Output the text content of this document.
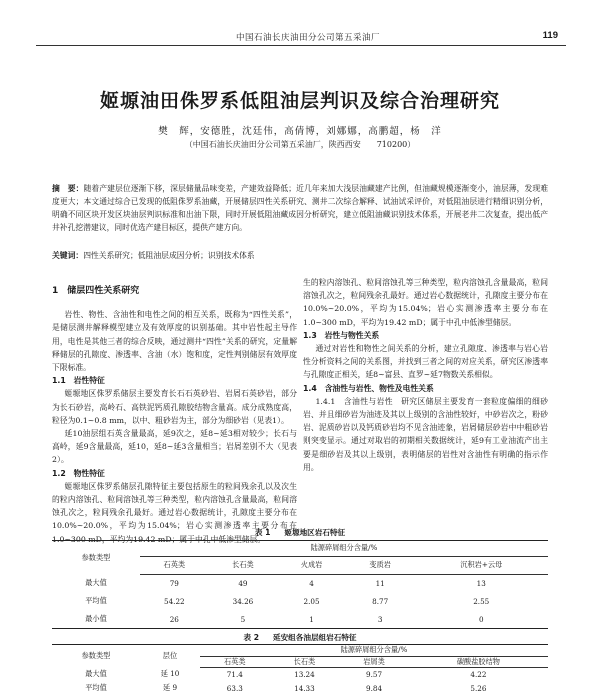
中国石油长庆油田分公司第五采油厂	119
姬塬油田侏罗系低阻油层判识及综合治理研究
樊　辉，安德胜，沈廷伟，高倩博，刘娜娜，高鹏超，杨　洋
（中国石油长庆油田分公司第五采油厂，陕西西安　　710200）
摘　要：随着产建层位逐渐下移，深层储量品味变差，产建效益降低；近几年来加大浅层油藏建产比例，但油藏规模逐渐变小，油层薄，发现难度更大；本文通过综合已发现的低阻侏罗系油藏，开展储层四性关系研究、测井二次综合解释、试油试采评价，对低阻油层进行精细识别分析，明确不同区块开发区块油层判识标准和出油下限，同时开展低阻油藏成因分析研究，建立低阻油藏识别技术体系，开展老井二次复查，提出低产井补孔挖潜建议，同时优选产建目标区，提供产建方向。
关键词：四性关系研究；低阻油层成因分析；识别技术体系
1　储层四性关系研究

岩性、物性、含油性和电性之间的相互关系，既称为“四性关系”，是储层测井解释模型建立及有效厚度的识别基础。其中岩性起主导作用，电性是其他三者的综合反映，通过测井“四性”关系的研究，定量解释储层的孔隙度、渗透率、含油（水）饱和度，定性判别储层有效厚度下限标准。

1.1　岩性特征

姬塬地区侏罗系储层主要发育长石石英砂岩、岩屑石英砂岩，部分为长石砂岩，高岭石、高铁泥钙质孔隙胶结物含量高。成分成熟度高，粒径为0.1~0.8 mm，以中、粗砂岩为主，部分为细砂岩（见表1）。

延10油层组石英含量最高，延9次之，延8~延3相对较少；长石与高岭，延9含量最高，延10，延8~延3含量相当；岩屑差别不大（见表2）。

1.2　物性特征

姬塬地区侏罗系储层孔隙特征主要包括原生的粒间残余孔以及次生的粒内溶蚀孔、粒间溶蚀孔等三种类型，粒内溶蚀孔含量最高，粒间溶蚀孔次之，粒间残余孔最好。通过岩心数据统计，孔隙度主要分布在10.0%~20.0%，平均为15.04%；岩心实测渗透率主要分布在1.0~300 mD，平均为19.42 mD；属于中孔中低渗型储层。

生的粒内溶蚀孔、粒间溶蚀孔等三种类型，粒内溶蚀孔含量最高，粒间溶蚀孔次之，粒间残余孔最好。通过岩心数据统计，孔隙度主要分布在10.0%~20.0%，平均为15.04%；岩心实测渗透率主要分布在1.0~300 mD，平均为19.42 mD；属于中孔中低渗型储层。

1.3　岩性与物性关系

通过对岩性和物性之间关系的分析，建立孔隙度、渗透率与岩心岩性分析资料之间的关系图，并找到三者之间的对应关系，研究区渗透率与孔隙度正相关，延8~富县、直罗~延7物数关系相似。

1.4　含油性与岩性、物性及电性关系

1.4.1　含油性与岩性　研究区储层主要发育一套粒度偏细的细砂岩、并且细砂岩为油迹及其以上级别的含油性较好，中砂岩次之，粉砂岩、泥质砂岩以及钙质砂岩均不见含油迹象，岩屑储层砂岩中中粗砂岩则突变显示。通过对取岩的初期相关数据统计，延9有工业油流产出主要是细砂岩及其以上级别，表明储层的岩性对含油性有明确的指示作用。

表 1 姬塬地区岩石特征
参数类型	陆源碎屑组分含量/%				
	石英类	长石类	火成岩	变质岩	沉积岩+云母
最大值	79	49	4	11	13
平均值	54.22	34.26	2.05	8.77	2.55
最小值	26	5	1	3	0
表 2 延安组各油层组岩石特征
参数类型	层位	陆源碎屑组分含量/%			
		石英类	长石类	岩屑类	碳酸盐胶结物
最大值	延 10	71.4	13.24	9.57	4.22
平均值	延 9	63.3	14.33	9.84	5.26
